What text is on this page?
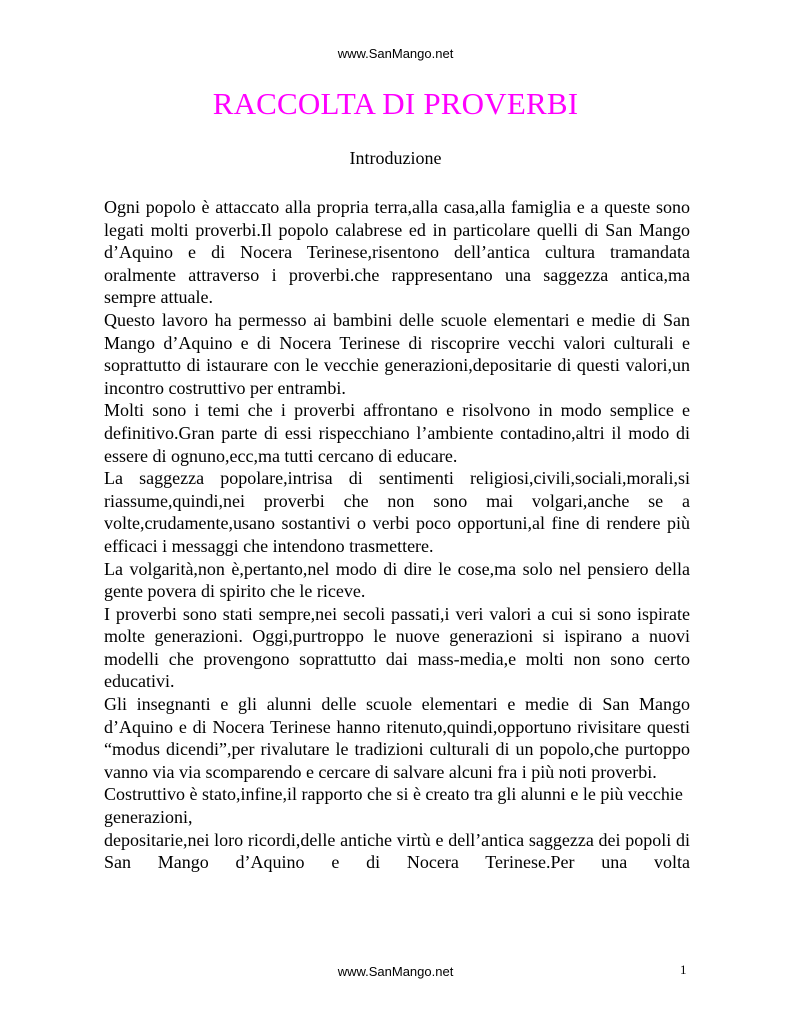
www.SanMango.net
RACCOLTA DI PROVERBI
Introduzione

Ogni popolo è attaccato alla propria terra,alla casa,alla famiglia e a queste sono legati molti proverbi.Il popolo calabrese ed in particolare quelli di San Mango d’Aquino e di Nocera Terinese,risentono dell’antica cultura tramandata oralmente attraverso i proverbi.che rappresentano una saggezza antica,ma sempre attuale.

Questo lavoro ha permesso ai bambini delle scuole elementari e medie di San Mango d’Aquino e di Nocera Terinese di riscoprire vecchi valori culturali e soprattutto di istaurare con le vecchie generazioni,depositarie di questi valori,un incontro costruttivo per entrambi.

Molti sono i temi che i proverbi affrontano e risolvono in modo semplice e definitivo.Gran parte di essi rispecchiano l’ambiente contadino,altri il modo di essere di ognuno,ecc,ma tutti cercano di educare.

La saggezza popolare,intrisa di sentimenti religiosi,civili,sociali,morali,si riassume,quindi,nei proverbi che non sono mai volgari,anche se a volte,crudamente,usano sostantivi o verbi poco opportuni,al fine di rendere più efficaci i messaggi che intendono trasmettere.

La volgarità,non è,pertanto,nel modo di dire le cose,ma solo nel pensiero della gente povera di spirito che le riceve.

I proverbi sono stati sempre,nei secoli passati,i veri valori a cui si sono ispirate molte generazioni. Oggi,purtroppo le nuove generazioni si ispirano a nuovi modelli che provengono soprattutto dai mass-media,e molti non sono certo educativi.

Gli insegnanti e gli alunni delle scuole elementari e medie di San Mango d’Aquino e di Nocera Terinese hanno ritenuto,quindi,opportuno rivisitare questi “modus dicendi”,per rivalutare le tradizioni culturali di un popolo,che purtoppo vanno via via scomparendo e cercare di salvare alcuni fra i più noti proverbi.

Costruttivo è stato,infine,il rapporto che si è creato tra gli alunni e le più vecchie generazioni,

depositarie,nei loro ricordi,delle antiche virtù e dell’antica saggezza dei popoli di San Mango d’Aquino e di Nocera Terinese.Per una volta

www.SanMango.net	1
